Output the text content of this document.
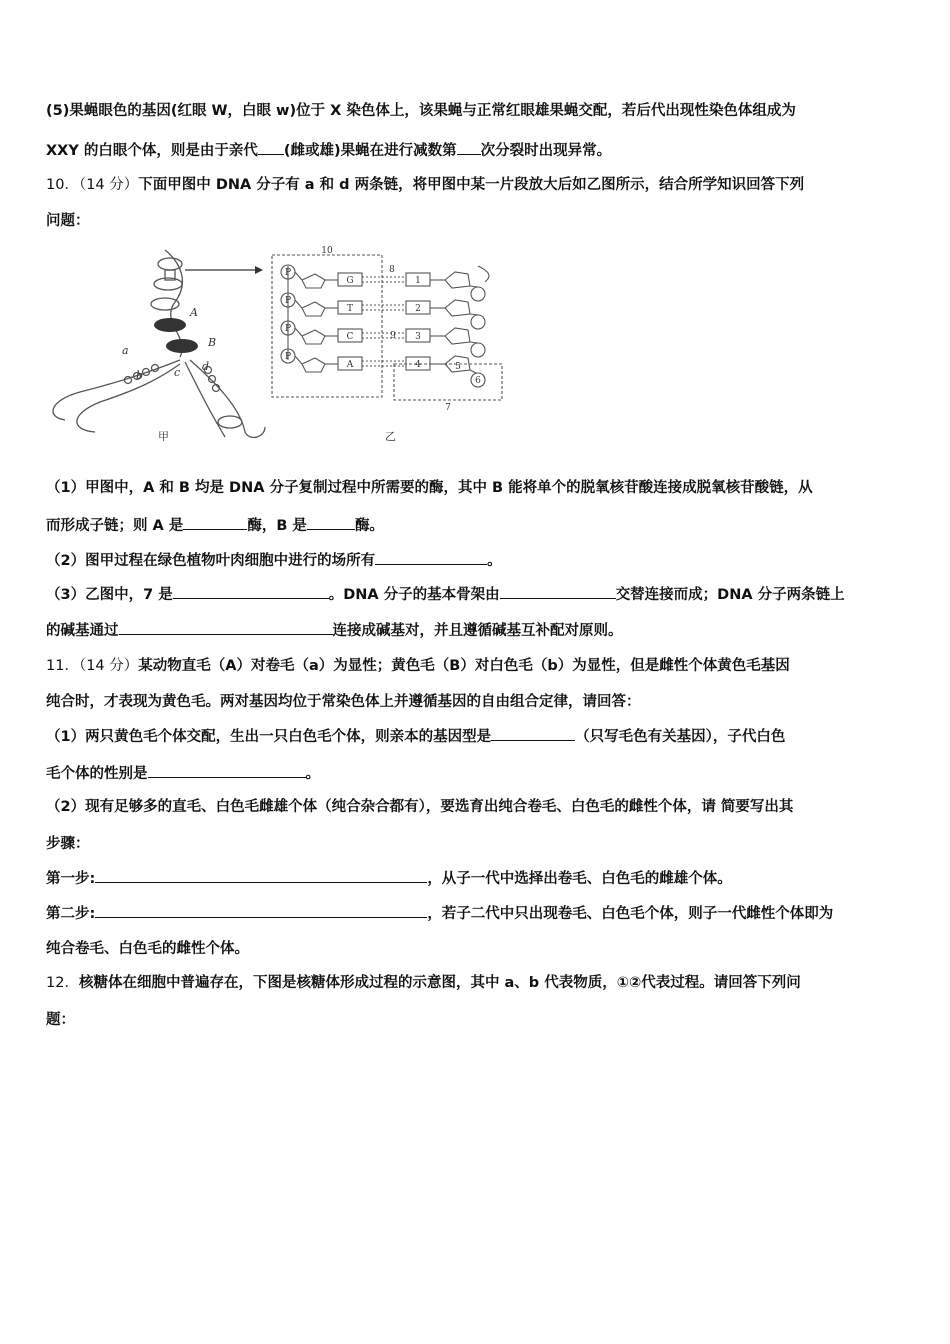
(5)果蝇眼色的基因(红眼 W，白眼 w)位于 X 染色体上，该果蝇与正常红眼雄果蝇交配，若后代出现性染色体组成为
XXY 的白眼个体，则是由于亲代 (雌或雄)果蝇在进行减数第 次分裂时出现异常。
10．（14 分）下面甲图中 DNA 分子有 a 和 d 两条链，将甲图中某一片段放大后如乙图所示，结合所学知识回答下列
问题：
A
B
a
b	c d
甲
P
P
P
P
G
T
C
A
1
2
3
4
10
8
9
7
5
6
乙
（1）甲图中，A 和 B 均是 DNA 分子复制过程中所需要的酶，其中 B 能将单个的脱氧核苷酸连接成脱氧核苷酸链，从
而形成子链；则 A 是	酶，B 是	酶。
（2）图甲过程在绿色植物叶肉细胞中进行的场所有	。
（3）乙图中，7 是	。DNA 分子的基本骨架由	交替连接而成；DNA 分子两条链上
的碱基通过	连接成碱基对，并且遵循碱基互补配对原则。
11．（14 分）某动物直毛（A）对卷毛（a）为显性；黄色毛（B）对白色毛（b）为显性，但是雌性个体黄色毛基因
纯合时，才表现为黄色毛。两对基因均位于常染色体上并遵循基因的自由组合定律，请回答：
（1）两只黄色毛个体交配，生出一只白色毛个体，则亲本的基因型是	（只写毛色有关基因），子代白色
毛个体的性别是	。
（2）现有足够多的直毛、白色毛雌雄个体（纯合杂合都有），要选育出纯合卷毛、白色毛的雌性个体，请 简要写出其
步骤：
第一步:	，从子一代中选择出卷毛、白色毛的雌雄个体。
第二步:	，若子二代中只出现卷毛、白色毛个体，则子一代雌性个体即为
纯合卷毛、白色毛的雌性个体。
12．核糖体在细胞中普遍存在，下图是核糖体形成过程的示意图，其中 a、b 代表物质，①②代表过程。请回答下列问
题：
